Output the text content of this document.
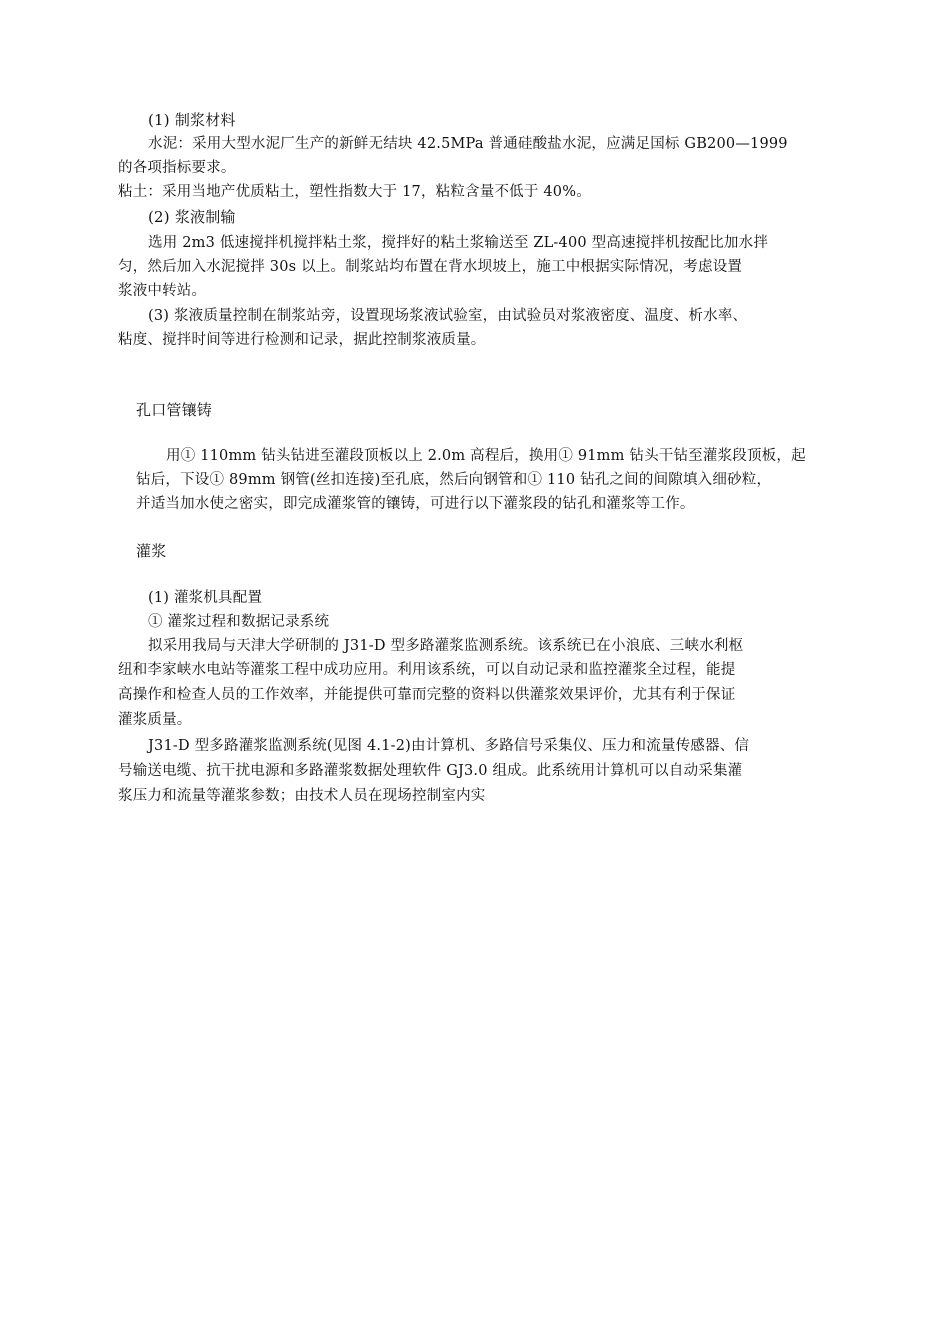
(1) 制浆材料
水泥：采用大型水泥厂生产的新鲜无结块 42.5MPa 普通硅酸盐水泥，应满足国标 GB200—1999
的各项指标要求。
粘土：采用当地产优质粘土，塑性指数大于 17，粘粒含量不低于 40%。
(2) 浆液制输
选用 2m3 低速搅拌机搅拌粘土浆，搅拌好的粘土浆输送至 ZL-400 型高速搅拌机按配比加水拌
匀，然后加入水泥搅拌 30s 以上。制浆站均布置在背水坝坡上，施工中根据实际情况，考虑设置
浆液中转站。
(3) 浆液质量控制在制浆站旁，设置现场浆液试验室，由试验员对浆液密度、温度、析水率、
粘度、搅拌时间等进行检测和记录，据此控制浆液质量。
孔口管镶铸
用① 110mm 钻头钻进至灌段顶板以上 2.0m 高程后，换用① 91mm 钻头干钻至灌浆段顶板，起
钻后，下设① 89mm 钢管(丝扣连接)至孔底，然后向钢管和① 110 钻孔之间的间隙填入细砂粒，
并适当加水使之密实，即完成灌浆管的镶铸，可进行以下灌浆段的钻孔和灌浆等工作。
灌浆
(1) 灌浆机具配置
① 灌浆过程和数据记录系统
拟采用我局与天津大学研制的 J31-D 型多路灌浆监测系统。该系统已在小浪底、三峡水利枢
纽和李家峡水电站等灌浆工程中成功应用。利用该系统，可以自动记录和监控灌浆全过程，能提
高操作和检查人员的工作效率，并能提供可靠而完整的资料以供灌浆效果评价，尤其有利于保证
灌浆质量。
J31-D 型多路灌浆监测系统(见图 4.1-2)由计算机、多路信号采集仪、压力和流量传感器、信
号输送电缆、抗干扰电源和多路灌浆数据处理软件 GJ3.0 组成。此系统用计算机可以自动采集灌
浆压力和流量等灌浆参数；由技术人员在现场控制室内实
